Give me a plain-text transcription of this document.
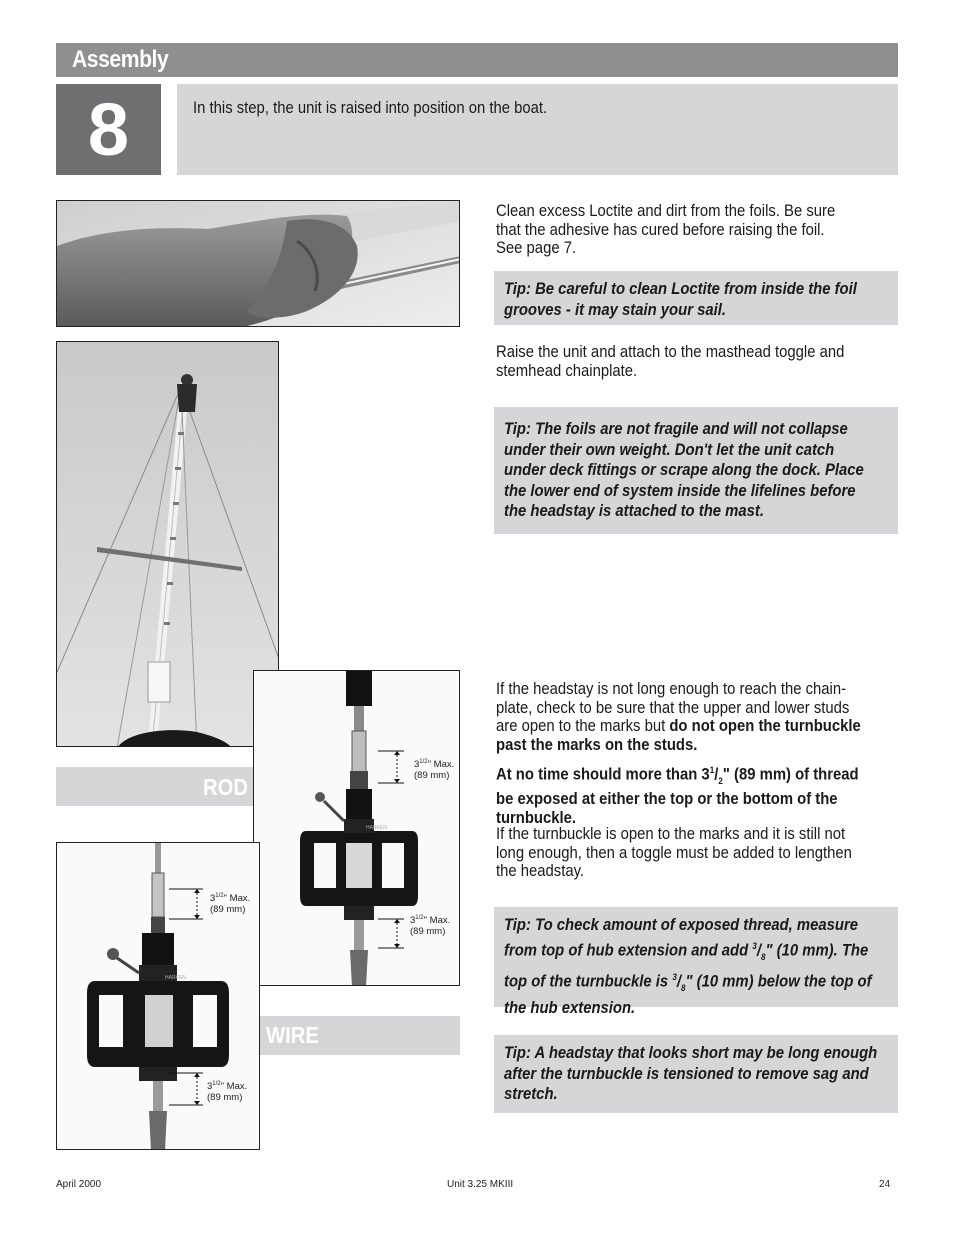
Assembly
8	In this step, the unit is raised into position on the boat.
ROD
HARKEN
$3^{1/2}$" Max.
(89 mm)
$3^{1/2}$" Max.
(89 mm)
HARKEN
$3^{1/2}$" Max.
(89 mm)
$3^{1/2}$" Max.
(89 mm)
WIRE
Clean excess Loctite and dirt from the foils. Be sure
that the adhesive has cured before raising the foil.
See page 7.
Tip: Be careful to clean Loctite from inside the foil
grooves - it may stain your sail.
Raise the unit and attach to the masthead toggle and
stemhead chainplate.
Tip: The foils are not fragile and will not collapse
under their own weight. Don't let the unit catch
under deck fittings or scrape along the dock. Place
the lower end of system inside the lifelines before
the headstay is attached to the mast.
If the headstay is not long enough to reach the chain-
plate, check to be sure that the upper and lower studs
are open to the marks but do not open the turnbuckle
past the marks on the studs.
At no time should more than $3^1/_2$" (89 mm) of thread
be exposed at either the top or the bottom of the
turnbuckle.
If the turnbuckle is open to the marks and it is still not
long enough, then a toggle must be added to lengthen
the headstay.
Tip: To check amount of exposed thread, measure
from top of hub extension and add $^3/_8$" (10 mm). The
top of the turnbuckle is $^3/_8$" (10 mm) below the top of
the hub extension.
Tip: A headstay that looks short may be long enough
after the turnbuckle is tensioned to remove sag and
stretch.
April 2000	Unit 3.25 MKIII	24
